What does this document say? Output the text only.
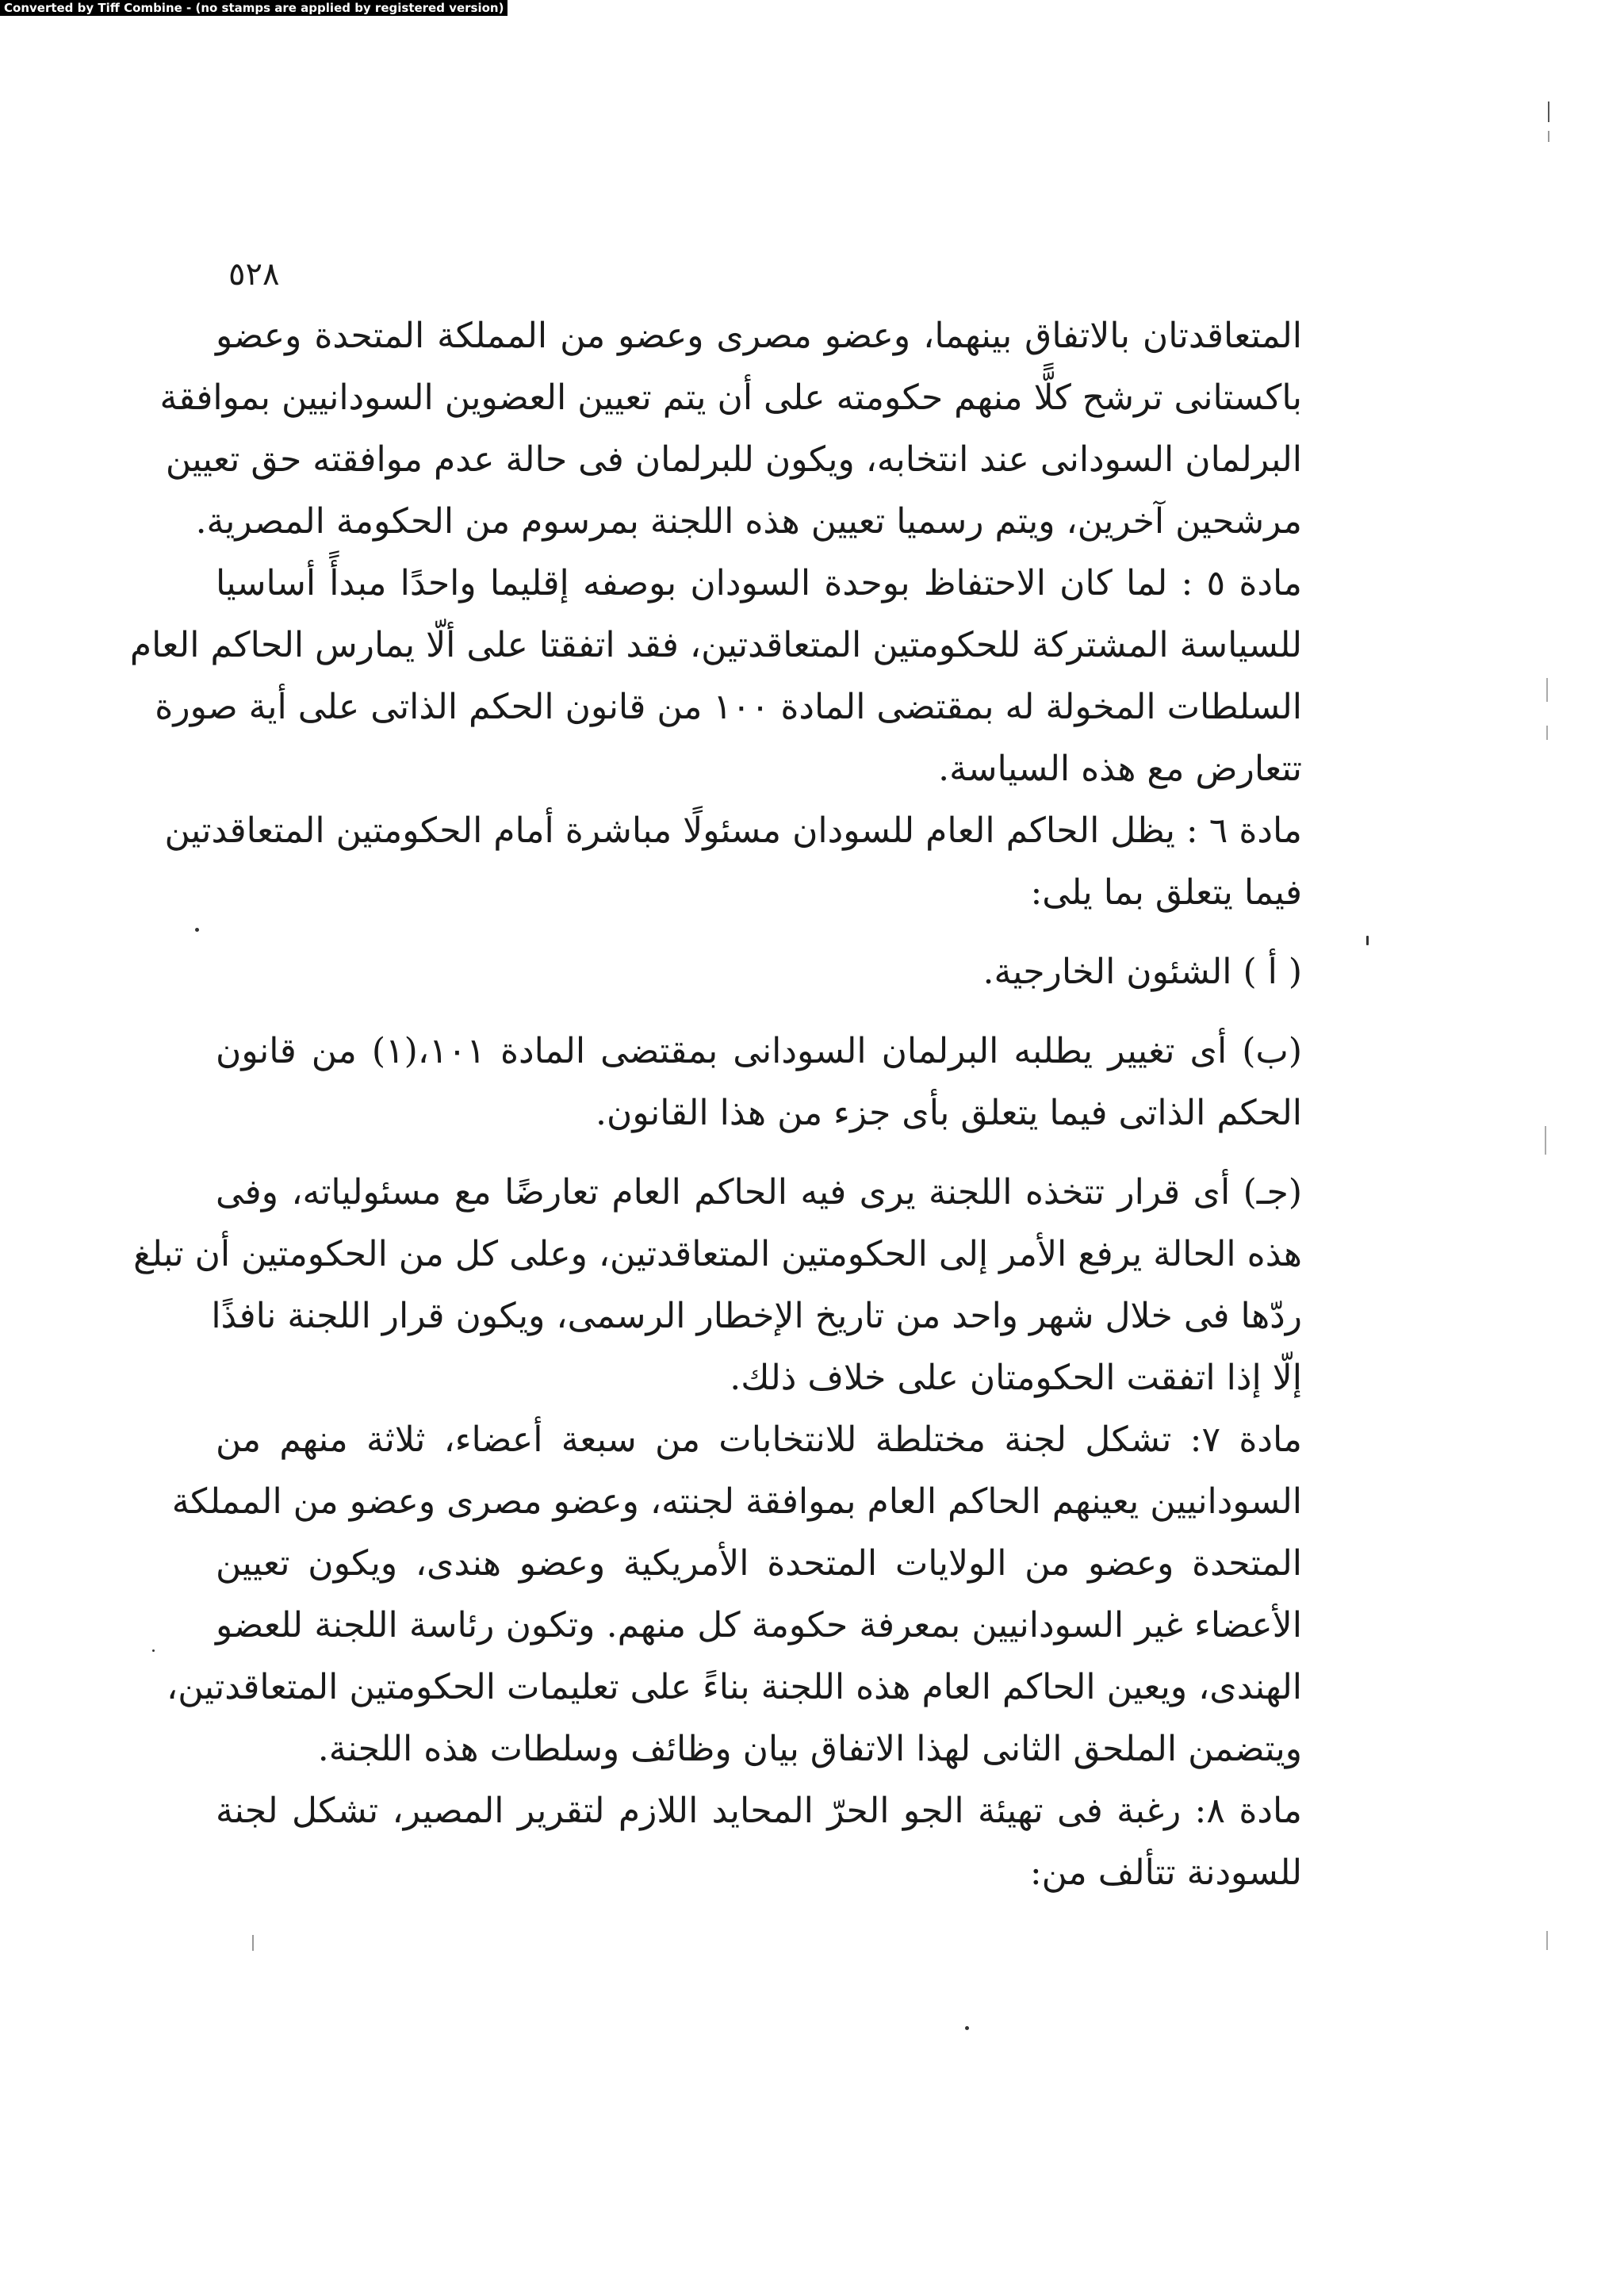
Converted by Tiff Combine - (no stamps are applied by registered version)
٥٢٨
المتعاقدتان بالاتفاق بينهما، وعضو مصرى وعضو من المملكة المتحدة وعضو
باكستانى ترشح كلًّا منهم حكومته على أن يتم تعيين العضوين السودانيين بموافقة
البرلمان السودانى عند انتخابه، ويكون للبرلمان فى حالة عدم موافقته حق تعيين
مرشحين آخرين، ويتم رسميا تعيين هذه اللجنة بمرسوم من الحكومة المصرية.
مادة ٥ : لما كان الاحتفاظ بوحدة السودان بوصفه إقليما واحدًا مبدأً أساسيا
للسياسة المشتركة للحكومتين المتعاقدتين، فقد اتفقتا على ألّا يمارس الحاكم العام
السلطات المخولة له بمقتضى المادة ١٠٠ من قانون الحكم الذاتى على أية صورة
تتعارض مع هذه السياسة.
مادة ٦ : يظل الحاكم العام للسودان مسئولًا مباشرة أمام الحكومتين المتعاقدتين
فيما يتعلق بما يلى:
( أ ) الشئون الخارجية.
(ب) أى تغيير يطلبه البرلمان السودانى بمقتضى المادة ١٠١،(١) من قانون
الحكم الذاتى فيما يتعلق بأى جزء من هذا القانون.
(جـ) أى قرار تتخذه اللجنة يرى فيه الحاكم العام تعارضًا مع مسئولياته، وفى
هذه الحالة يرفع الأمر إلى الحكومتين المتعاقدتين، وعلى كل من الحكومتين أن تبلغ
ردّها فى خلال شهر واحد من تاريخ الإخطار الرسمى، ويكون قرار اللجنة نافذًا
إلّا إذا اتفقت الحكومتان على خلاف ذلك.
مادة ٧: تشكل لجنة مختلطة للانتخابات من سبعة أعضاء، ثلاثة منهم من
السودانيين يعينهم الحاكم العام بموافقة لجنته، وعضو مصرى وعضو من المملكة
المتحدة وعضو من الولايات المتحدة الأمريكية وعضو هندى، ويكون تعيين
الأعضاء غير السودانيين بمعرفة حكومة كل منهم. وتكون رئاسة اللجنة للعضو
الهندى، ويعين الحاكم العام هذه اللجنة بناءً على تعليمات الحكومتين المتعاقدتين،
ويتضمن الملحق الثانى لهذا الاتفاق بيان وظائف وسلطات هذه اللجنة.
مادة ٨: رغبة فى تهيئة الجو الحرّ المحايد اللازم لتقرير المصير، تشكل لجنة
للسودنة تتألف من:
